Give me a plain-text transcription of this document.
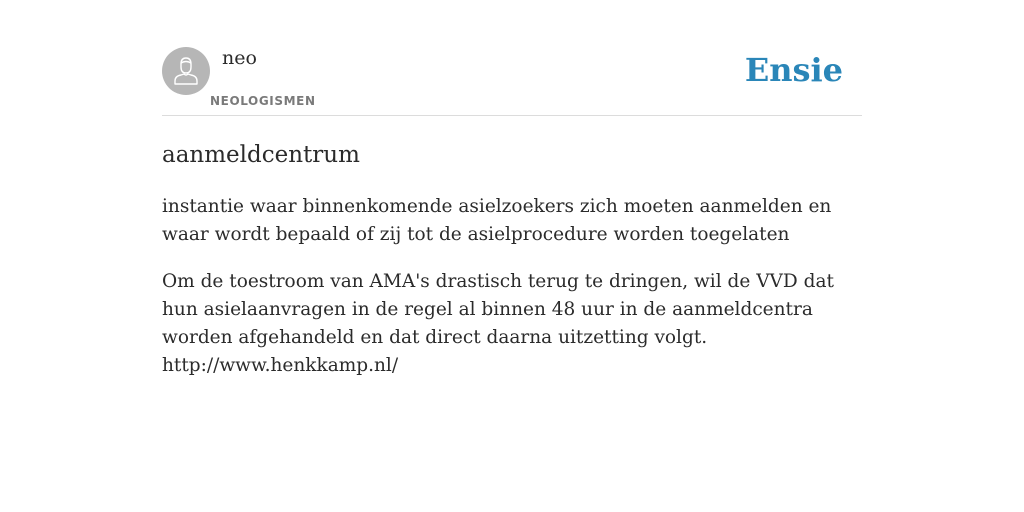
neo
NEOLOGISMEN
Ensie
aanmeldcentrum

instantie waar binnenkomende asielzoekers zich moeten aanmelden en waar wordt bepaald of zij tot de asielprocedure worden toegelaten

Om de toestroom van AMA's drastisch terug te dringen, wil de VVD dat hun asielaanvragen in de regel al binnen 48 uur in de aanmeldcentra worden afgehandeld en dat direct daarna uitzetting volgt.
http://www.henkkamp.nl/
